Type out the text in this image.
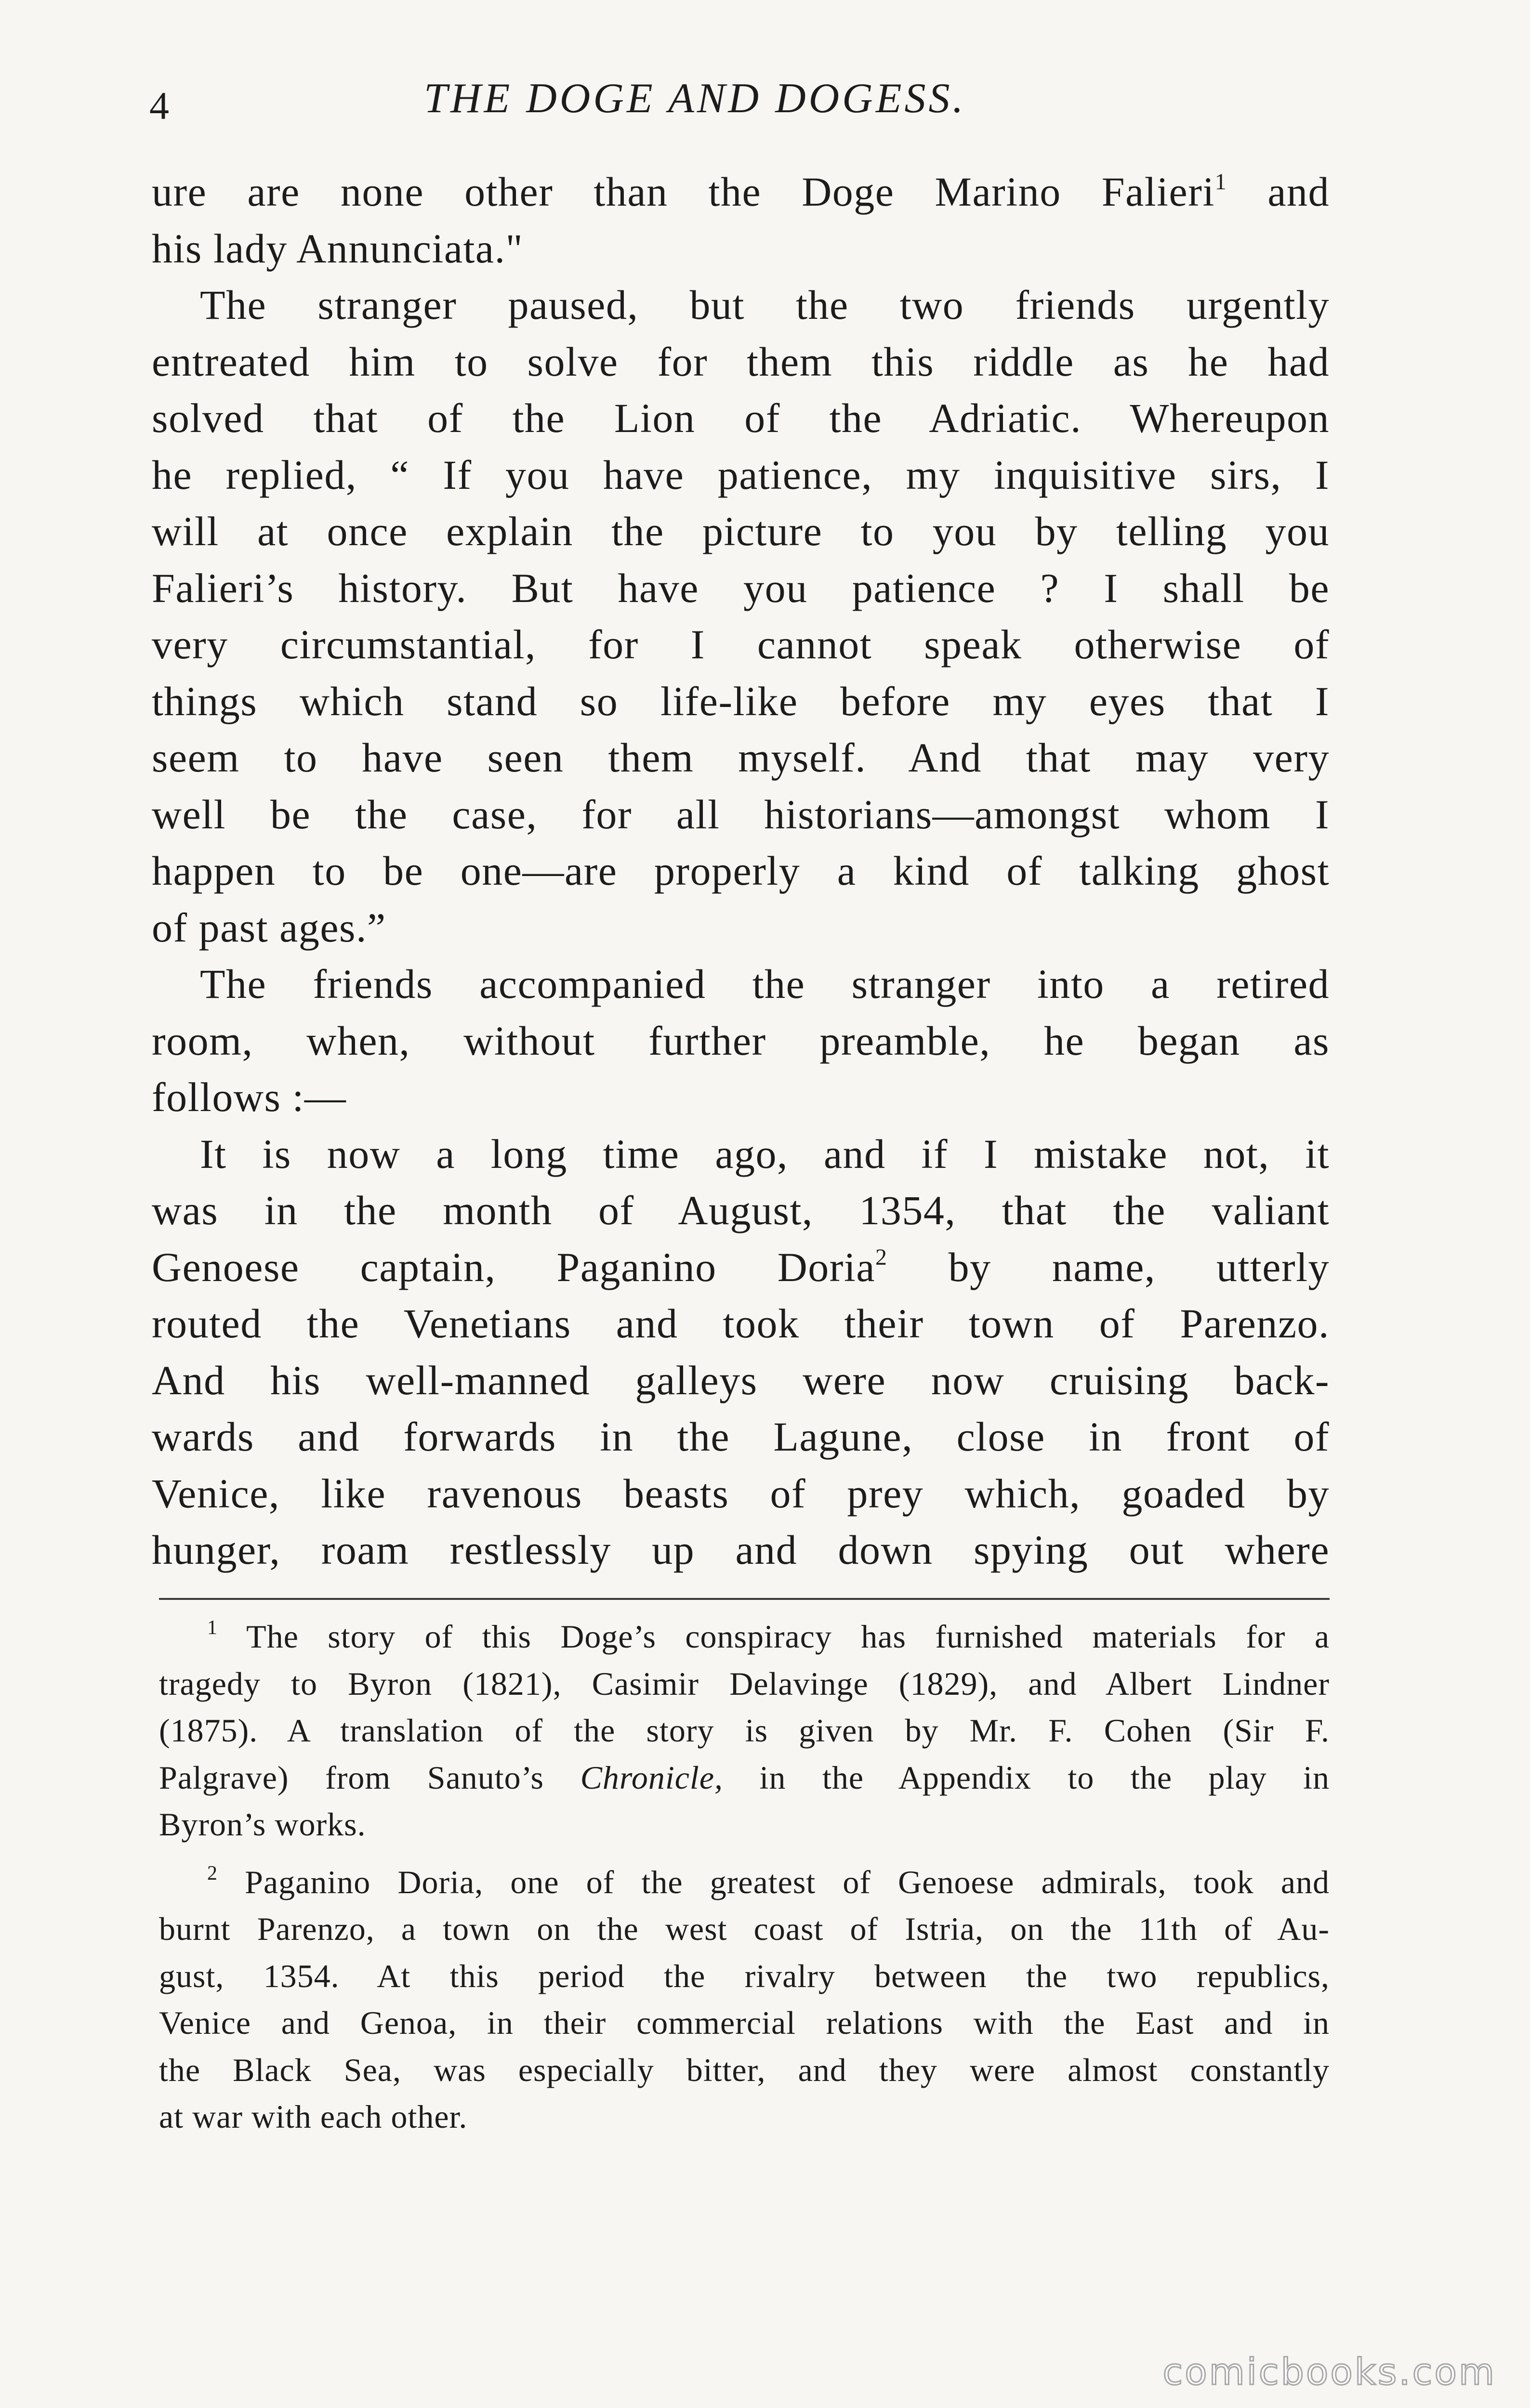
4	THE DOGE AND DOGESS.
ure are none other than the Doge Marino Falieri$^1$ and
his lady Annunciata."
The stranger paused, but the two friends urgently
entreated him to solve for them this riddle as he had
solved that of the Lion of the Adriatic. Whereupon
he replied, “ If you have patience, my inquisitive sirs, I
will at once explain the picture to you by telling you
Falieri’s history. But have you patience ? I shall be
very circumstantial, for I cannot speak otherwise of
things which stand so life-like before my eyes that I
seem to have seen them myself. And that may very
well be the case, for all historians—amongst whom I
happen to be one—are properly a kind of talking ghost
of past ages.”
The friends accompanied the stranger into a retired
room, when, without further preamble, he began as
follows :—
It is now a long time ago, and if I mistake not, it
was in the month of August, 1354, that the valiant
Genoese captain, Paganino Doria$^2$ by name, utterly
routed the Venetians and took their town of Parenzo.
And his well-manned galleys were now cruising back-
wards and forwards in the Lagune, close in front of
Venice, like ravenous beasts of prey which, goaded by
hunger, roam restlessly up and down spying out where
$^1$ The story of this Doge’s conspiracy has furnished materials for a
tragedy to Byron (1821), Casimir Delavinge (1829), and Albert Lindner
(1875). A translation of the story is given by Mr. F. Cohen (Sir F.
Palgrave) from Sanuto’s Chronicle, in the Appendix to the play in
Byron’s works.
$^2$ Paganino Doria, one of the greatest of Genoese admirals, took and
burnt Parenzo, a town on the west coast of Istria, on the 11th of Au-
gust, 1354. At this period the rivalry between the two republics,
Venice and Genoa, in their commercial relations with the East and in
the Black Sea, was especially bitter, and they were almost constantly
at war with each other.
comicbooks.com
